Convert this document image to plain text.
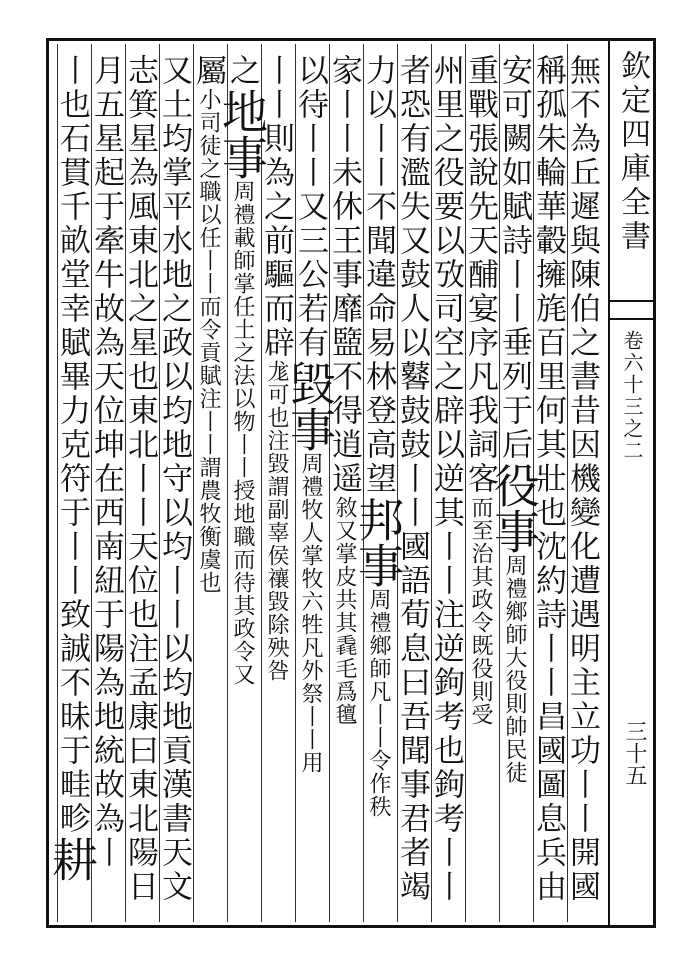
欽定四庫全書
卷六十三之二
三十五
無不為丘遲與陳伯之書昔因機變化遭遇明主立功丨丨開國
稱孤朱輪華轂擁旄百里何其壯也沈約詩丨丨昌國圖息兵由
安可闕如賦詩丨丨垂列于后役事周禮鄉師大役則帥民徒
重戰張說先天酺宴序凡我詞客而至治其政令既役則受
州里之役要以攷司空之辟以逆其丨丨注逆鉤考也鉤考丨丨
者恐有濫失又鼓人以鼛鼓鼓丨丨國語荀息曰吾聞事君者竭
力以丨丨不聞違命易林登高望邦事周禮鄉師凡丨丨令作秩
家丨丨未休王事靡盬不得逍遥敘又掌皮共其毳毛爲氊
以待丨丨又三公若有毀事周禮牧人掌牧六牲凡外祭丨丨用
丨丨則為之前驅而辟尨可也注毀謂副辜侯禳毀除殃咎
之地事周禮載師掌任土之法以物丨丨授地職而待其政令又
屬小司徒之職以任丨丨而令貢賦注丨丨謂農牧衡虞也
又土均掌平水地之政以均地守以均丨丨以均地貢漢書天文
志箕星為風東北之星也東北丨丨天位也注孟康曰東北陽日
月五星起于牽牛故為天位坤在西南紐于陽為地統故為丨
丨也石貫千畝堂幸賦畢力克符于丨丨致誠不昧于畦畛耕
